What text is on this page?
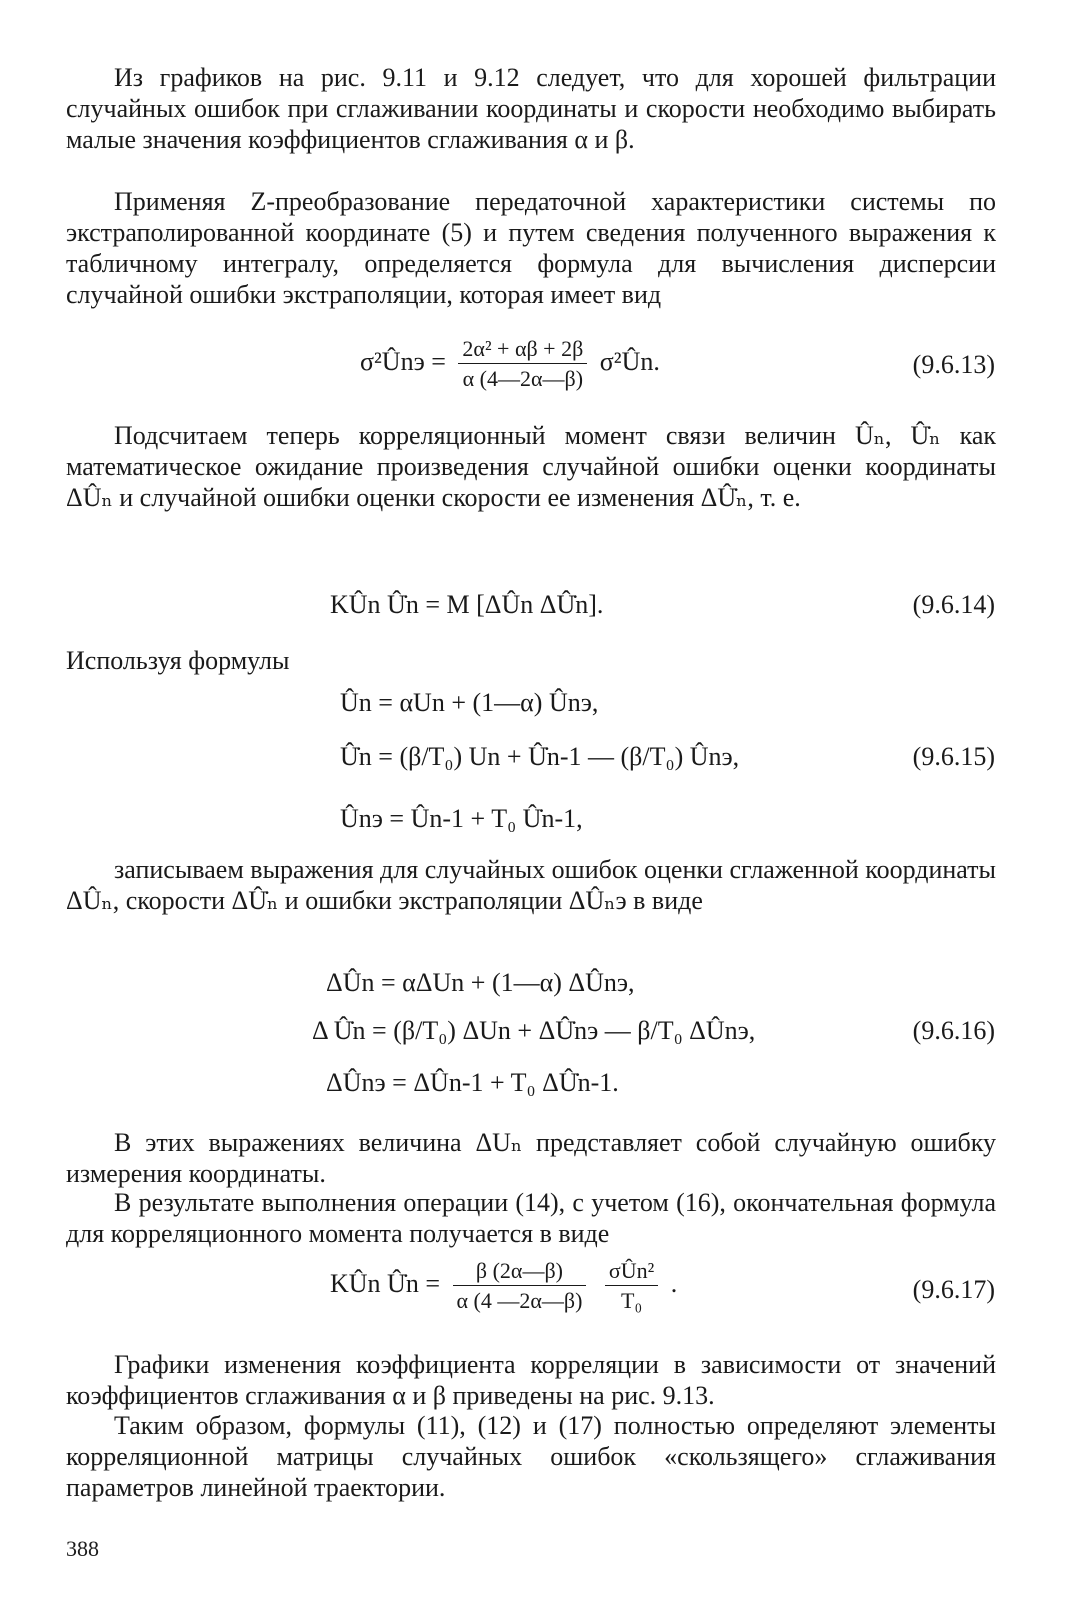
Из графиков на рис. 9.11 и 9.12 следует, что для хорошей фильтрации случайных ошибок при сглаживании координаты и скорости необходимо выбирать малые значения коэффициентов сглаживания α и β.

Применяя Z-преобразование передаточной характеристики системы по экстраполированной координате (5) и путем сведения полученного выражения к табличному интегралу, определяется формула для вычисления дисперсии случайной ошибки экстраполяции, которая имеет вид

σ²Ûnэ = $\frac{\text{2α² + αβ + 2β}}{\alpha (4—2\alpha—\beta)}$ σ²Ûn.	(9.6.13)

Подсчитаем теперь корреляционный момент связи величин Ûₙ, Û̇ₙ как математическое ожидание произведения случайной ошибки оценки координаты ΔÛₙ и случайной ошибки оценки скорости ее изменения ΔÛ̇ₙ, т. е.

KÛn Û̇n = M [ΔÛn ΔÛ̇n].	(9.6.14)

Используя формулы

Ûn = αUn + (1—α) Ûnэ,
Û̇n = (β/T₀) Un + Û̇n-1 — (β/T₀) Ûnэ,
Ûnэ = Ûn-1 + T₀ Û̇n-1,
(9.6.15)

записываем выражения для случайных ошибок оценки сглаженной координаты ΔÛₙ, скорости ΔÛ̇ₙ и ошибки экстраполяции ΔÛₙэ в виде

ΔÛn = αΔUn + (1—α) ΔÛnэ,
Δ Û̇n = (β/T₀) ΔUn + ΔÛ̇nэ — β/T₀ ΔÛnэ,
ΔÛnэ = ΔÛn-1 + T₀ ΔÛ̇n-1.
(9.6.16)

В этих выражениях величина ΔUₙ представляет собой случайную ошибку измерения координаты.

В результате выполнения операции (14), с учетом (16), окончательная формула для корреляционного момента получается в виде

KÛn Û̇n = $\frac{\beta (2\alpha—\beta)}{\alpha (4 —2\alpha—\beta)}$
$\frac{\text{σÛn²}}{\text{T₀}}$ .	(9.6.17)

Графики изменения коэффициента корреляции в зависимости от значений коэффициентов сглаживания α и β приведены на рис. 9.13.

Таким образом, формулы (11), (12) и (17) полностью определяют элементы корреляционной матрицы случайных ошибок «скользящего» сглаживания параметров линейной траектории.

388
